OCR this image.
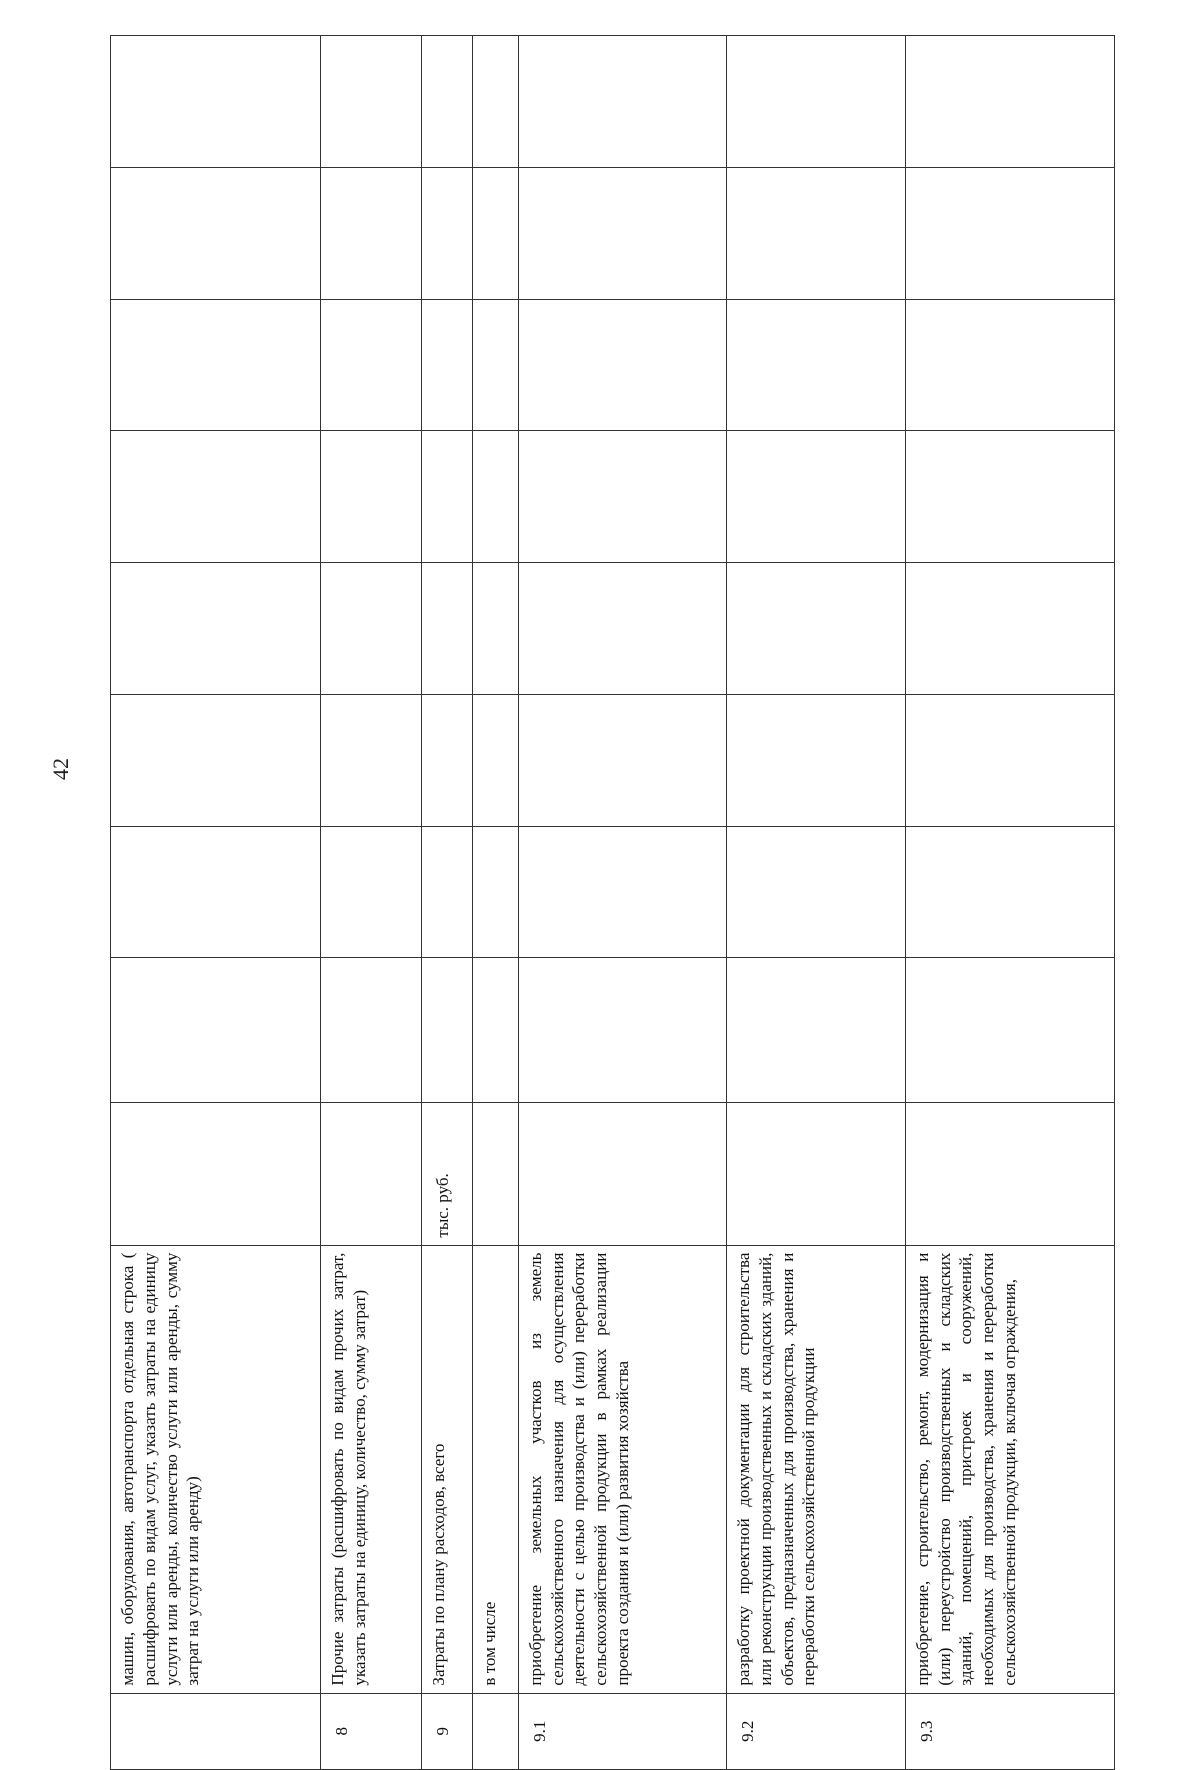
42
	машин, оборудования, автотранспорта отдельная строка ( расшифровать по видам услуг, указать затраты на единицу услуги или аренды, количество услуги или аренды, сумму затрат на услуги или аренду)									
8	Прочие затраты (расшифровать по видам прочих затрат, указать затраты на единицу, количество, сумму затрат)									
9	Затраты по плану расходов, всего	тыс. руб.								
	в том числе									
9.1	приобретение земельных участков из земель сельскохозяйственного назначения для осуществления деятельности с целью производства и (или) переработки сельскохозяйственной продукции в рамках реализации проекта создания и (или) развития хозяйства									
9.2	разработку проектной документации для строительства или реконструкции производственных и складских зданий, объектов, предназначенных для производства, хранения и переработки сельскохозяйственной продукции									
9.3	приобретение, строительство, ремонт, модернизация и (или) переустройство производственных и складских зданий, помещений, пристроек и сооружений, необходимых для производства, хранения и переработки сельскохозяйственной продукции, включая ограждения,									
